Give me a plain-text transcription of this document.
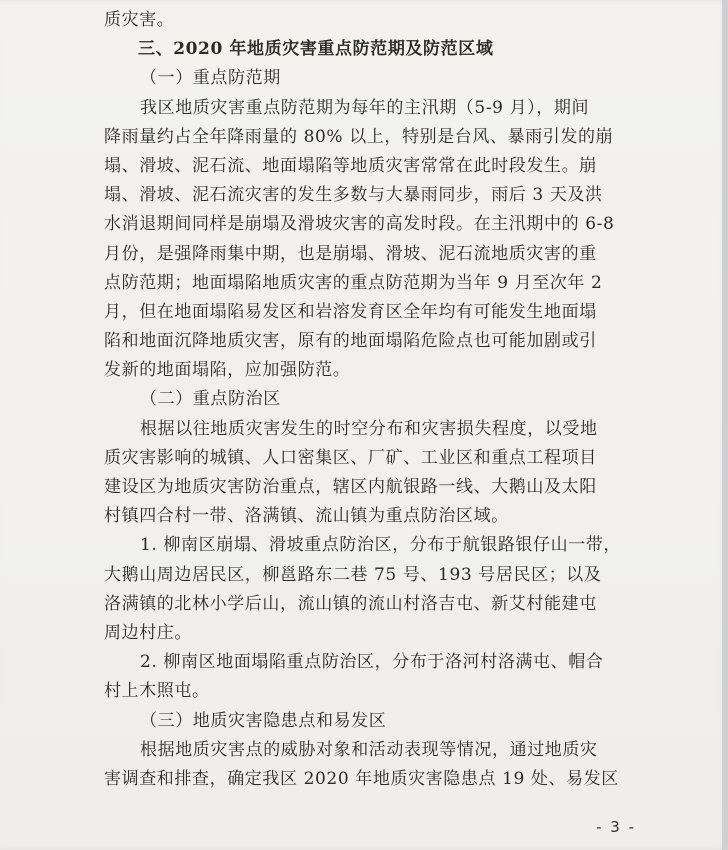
质灾害。
三、2020 年地质灾害重点防范期及防范区域
（一）重点防范期
我区地质灾害重点防范期为每年的主汛期（5-9 月），期间
降雨量约占全年降雨量的 80% 以上，特别是台风、暴雨引发的崩
塌、滑坡、泥石流、地面塌陷等地质灾害常常在此时段发生。崩
塌、滑坡、泥石流灾害的发生多数与大暴雨同步，雨后 3 天及洪
水消退期间同样是崩塌及滑坡灾害的高发时段。在主汛期中的 6-8
月份，是强降雨集中期，也是崩塌、滑坡、泥石流地质灾害的重
点防范期；地面塌陷地质灾害的重点防范期为当年 9 月至次年 2
月，但在地面塌陷易发区和岩溶发育区全年均有可能发生地面塌
陷和地面沉降地质灾害，原有的地面塌陷危险点也可能加剧或引
发新的地面塌陷，应加强防范。
（二）重点防治区
根据以往地质灾害发生的时空分布和灾害损失程度，以受地
质灾害影响的城镇、人口密集区、厂矿、工业区和重点工程项目
建设区为地质灾害防治重点，辖区内航银路一线、大鹅山及太阳
村镇四合村一带、洛满镇、流山镇为重点防治区域。
1. 柳南区崩塌、滑坡重点防治区，分布于航银路银仔山一带，
大鹅山周边居民区，柳邕路东二巷 75 号、193 号居民区；以及
洛满镇的北林小学后山，流山镇的流山村洛吉屯、新艾村能建屯
周边村庄。
2. 柳南区地面塌陷重点防治区，分布于洛河村洛满屯、帽合
村上木照屯。
（三）地质灾害隐患点和易发区
根据地质灾害点的威胁对象和活动表现等情况，通过地质灾
害调查和排查，确定我区 2020 年地质灾害隐患点 19 处、易发区
- 3 -
